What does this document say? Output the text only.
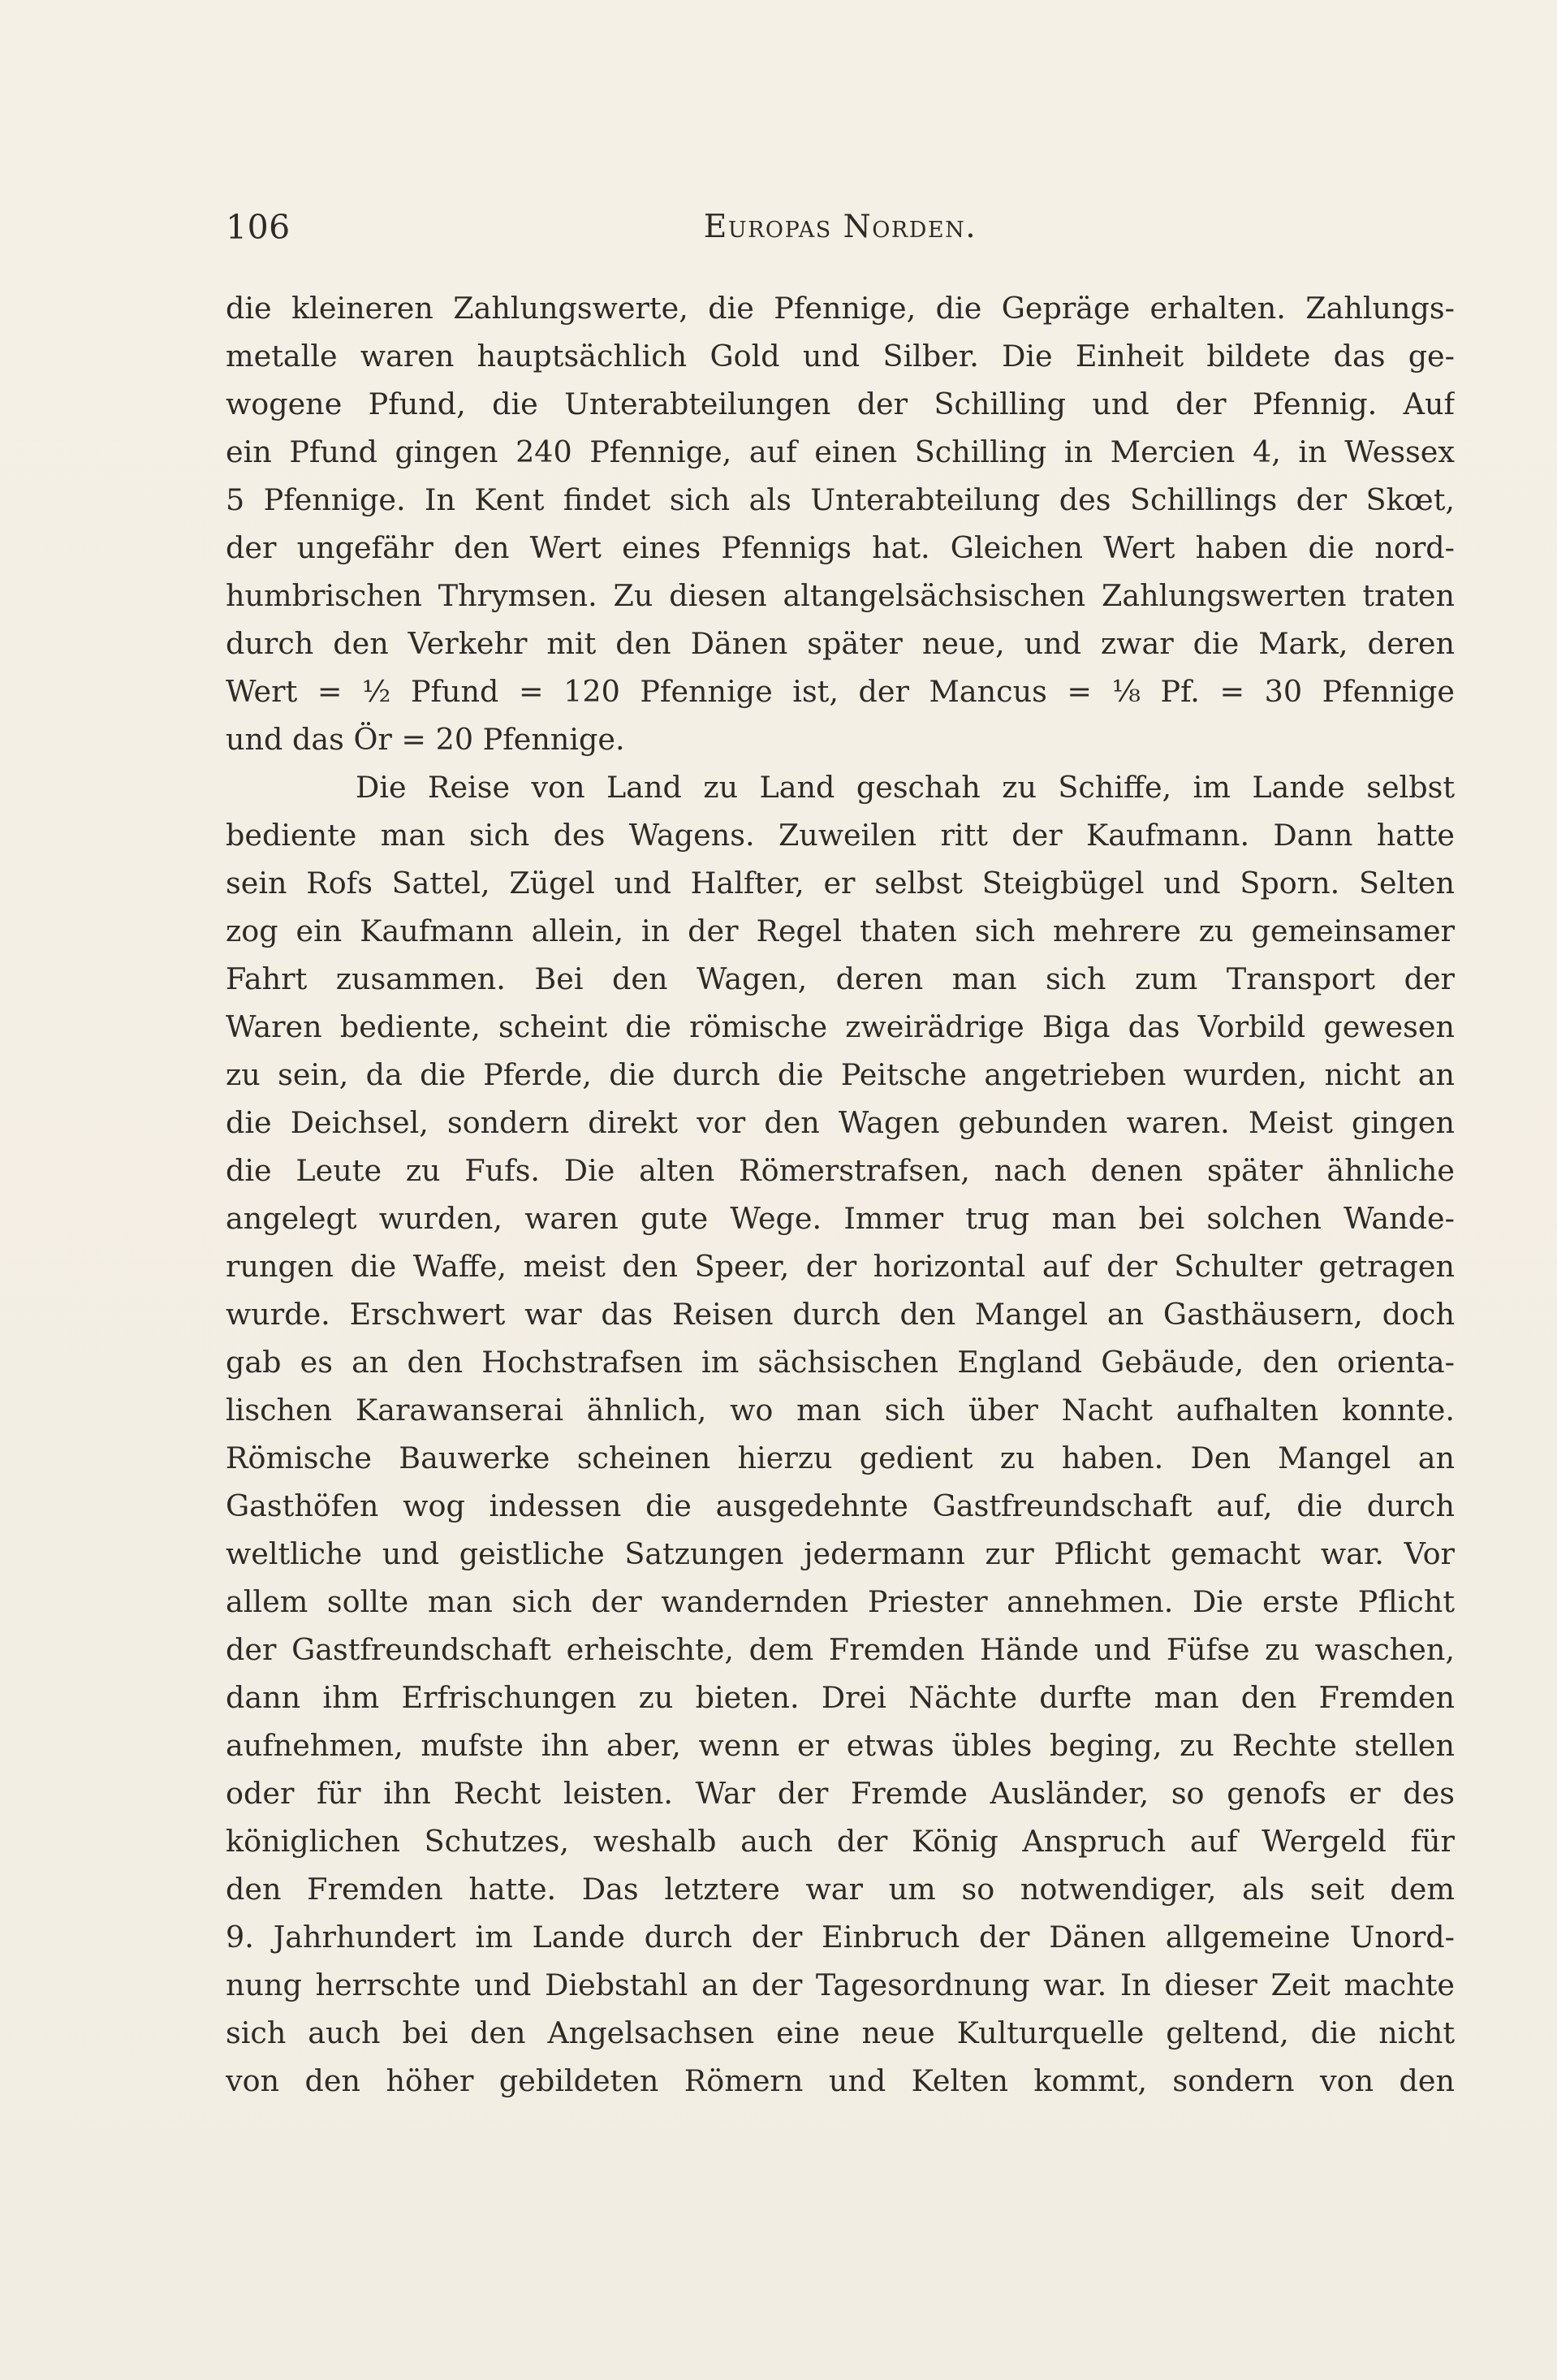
106	Europas Norden.
die kleineren Zahlungswerte, die Pfennige, die Gepräge erhalten. Zahlungs-
metalle waren hauptsächlich Gold und Silber. Die Einheit bildete das ge-
wogene Pfund, die Unterabteilungen der Schilling und der Pfennig. Auf
ein Pfund gingen 240 Pfennige, auf einen Schilling in Mercien 4, in Wessex
5 Pfennige. In Kent findet sich als Unterabteilung des Schillings der Skœt,
der ungefähr den Wert eines Pfennigs hat. Gleichen Wert haben die nord-
humbrischen Thrymsen. Zu diesen altangelsächsischen Zahlungswerten traten
durch den Verkehr mit den Dänen später neue, und zwar die Mark, deren
Wert = ½ Pfund = 120 Pfennige ist, der Mancus = ⅛ Pf. = 30 Pfennige
und das Ör = 20 Pfennige.
Die Reise von Land zu Land geschah zu Schiffe, im Lande selbst
bediente man sich des Wagens. Zuweilen ritt der Kaufmann. Dann hatte
sein Rofs Sattel, Zügel und Halfter, er selbst Steigbügel und Sporn. Selten
zog ein Kaufmann allein, in der Regel thaten sich mehrere zu gemeinsamer
Fahrt zusammen. Bei den Wagen, deren man sich zum Transport der
Waren bediente, scheint die römische zweirädrige Biga das Vorbild gewesen
zu sein, da die Pferde, die durch die Peitsche angetrieben wurden, nicht an
die Deichsel, sondern direkt vor den Wagen gebunden waren. Meist gingen
die Leute zu Fufs. Die alten Römerstrafsen, nach denen später ähnliche
angelegt wurden, waren gute Wege. Immer trug man bei solchen Wande-
rungen die Waffe, meist den Speer, der horizontal auf der Schulter getragen
wurde. Erschwert war das Reisen durch den Mangel an Gasthäusern, doch
gab es an den Hochstrafsen im sächsischen England Gebäude, den orienta-
lischen Karawanserai ähnlich, wo man sich über Nacht aufhalten konnte.
Römische Bauwerke scheinen hierzu gedient zu haben. Den Mangel an
Gasthöfen wog indessen die ausgedehnte Gastfreundschaft auf, die durch
weltliche und geistliche Satzungen jedermann zur Pflicht gemacht war. Vor
allem sollte man sich der wandernden Priester annehmen. Die erste Pflicht
der Gastfreundschaft erheischte, dem Fremden Hände und Füfse zu waschen,
dann ihm Erfrischungen zu bieten. Drei Nächte durfte man den Fremden
aufnehmen, mufste ihn aber, wenn er etwas übles beging, zu Rechte stellen
oder für ihn Recht leisten. War der Fremde Ausländer, so genofs er des
königlichen Schutzes, weshalb auch der König Anspruch auf Wergeld für
den Fremden hatte. Das letztere war um so notwendiger, als seit dem
9. Jahrhundert im Lande durch der Einbruch der Dänen allgemeine Unord-
nung herrschte und Diebstahl an der Tagesordnung war. In dieser Zeit machte
sich auch bei den Angelsachsen eine neue Kulturquelle geltend, die nicht
von den höher gebildeten Römern und Kelten kommt, sondern von den
